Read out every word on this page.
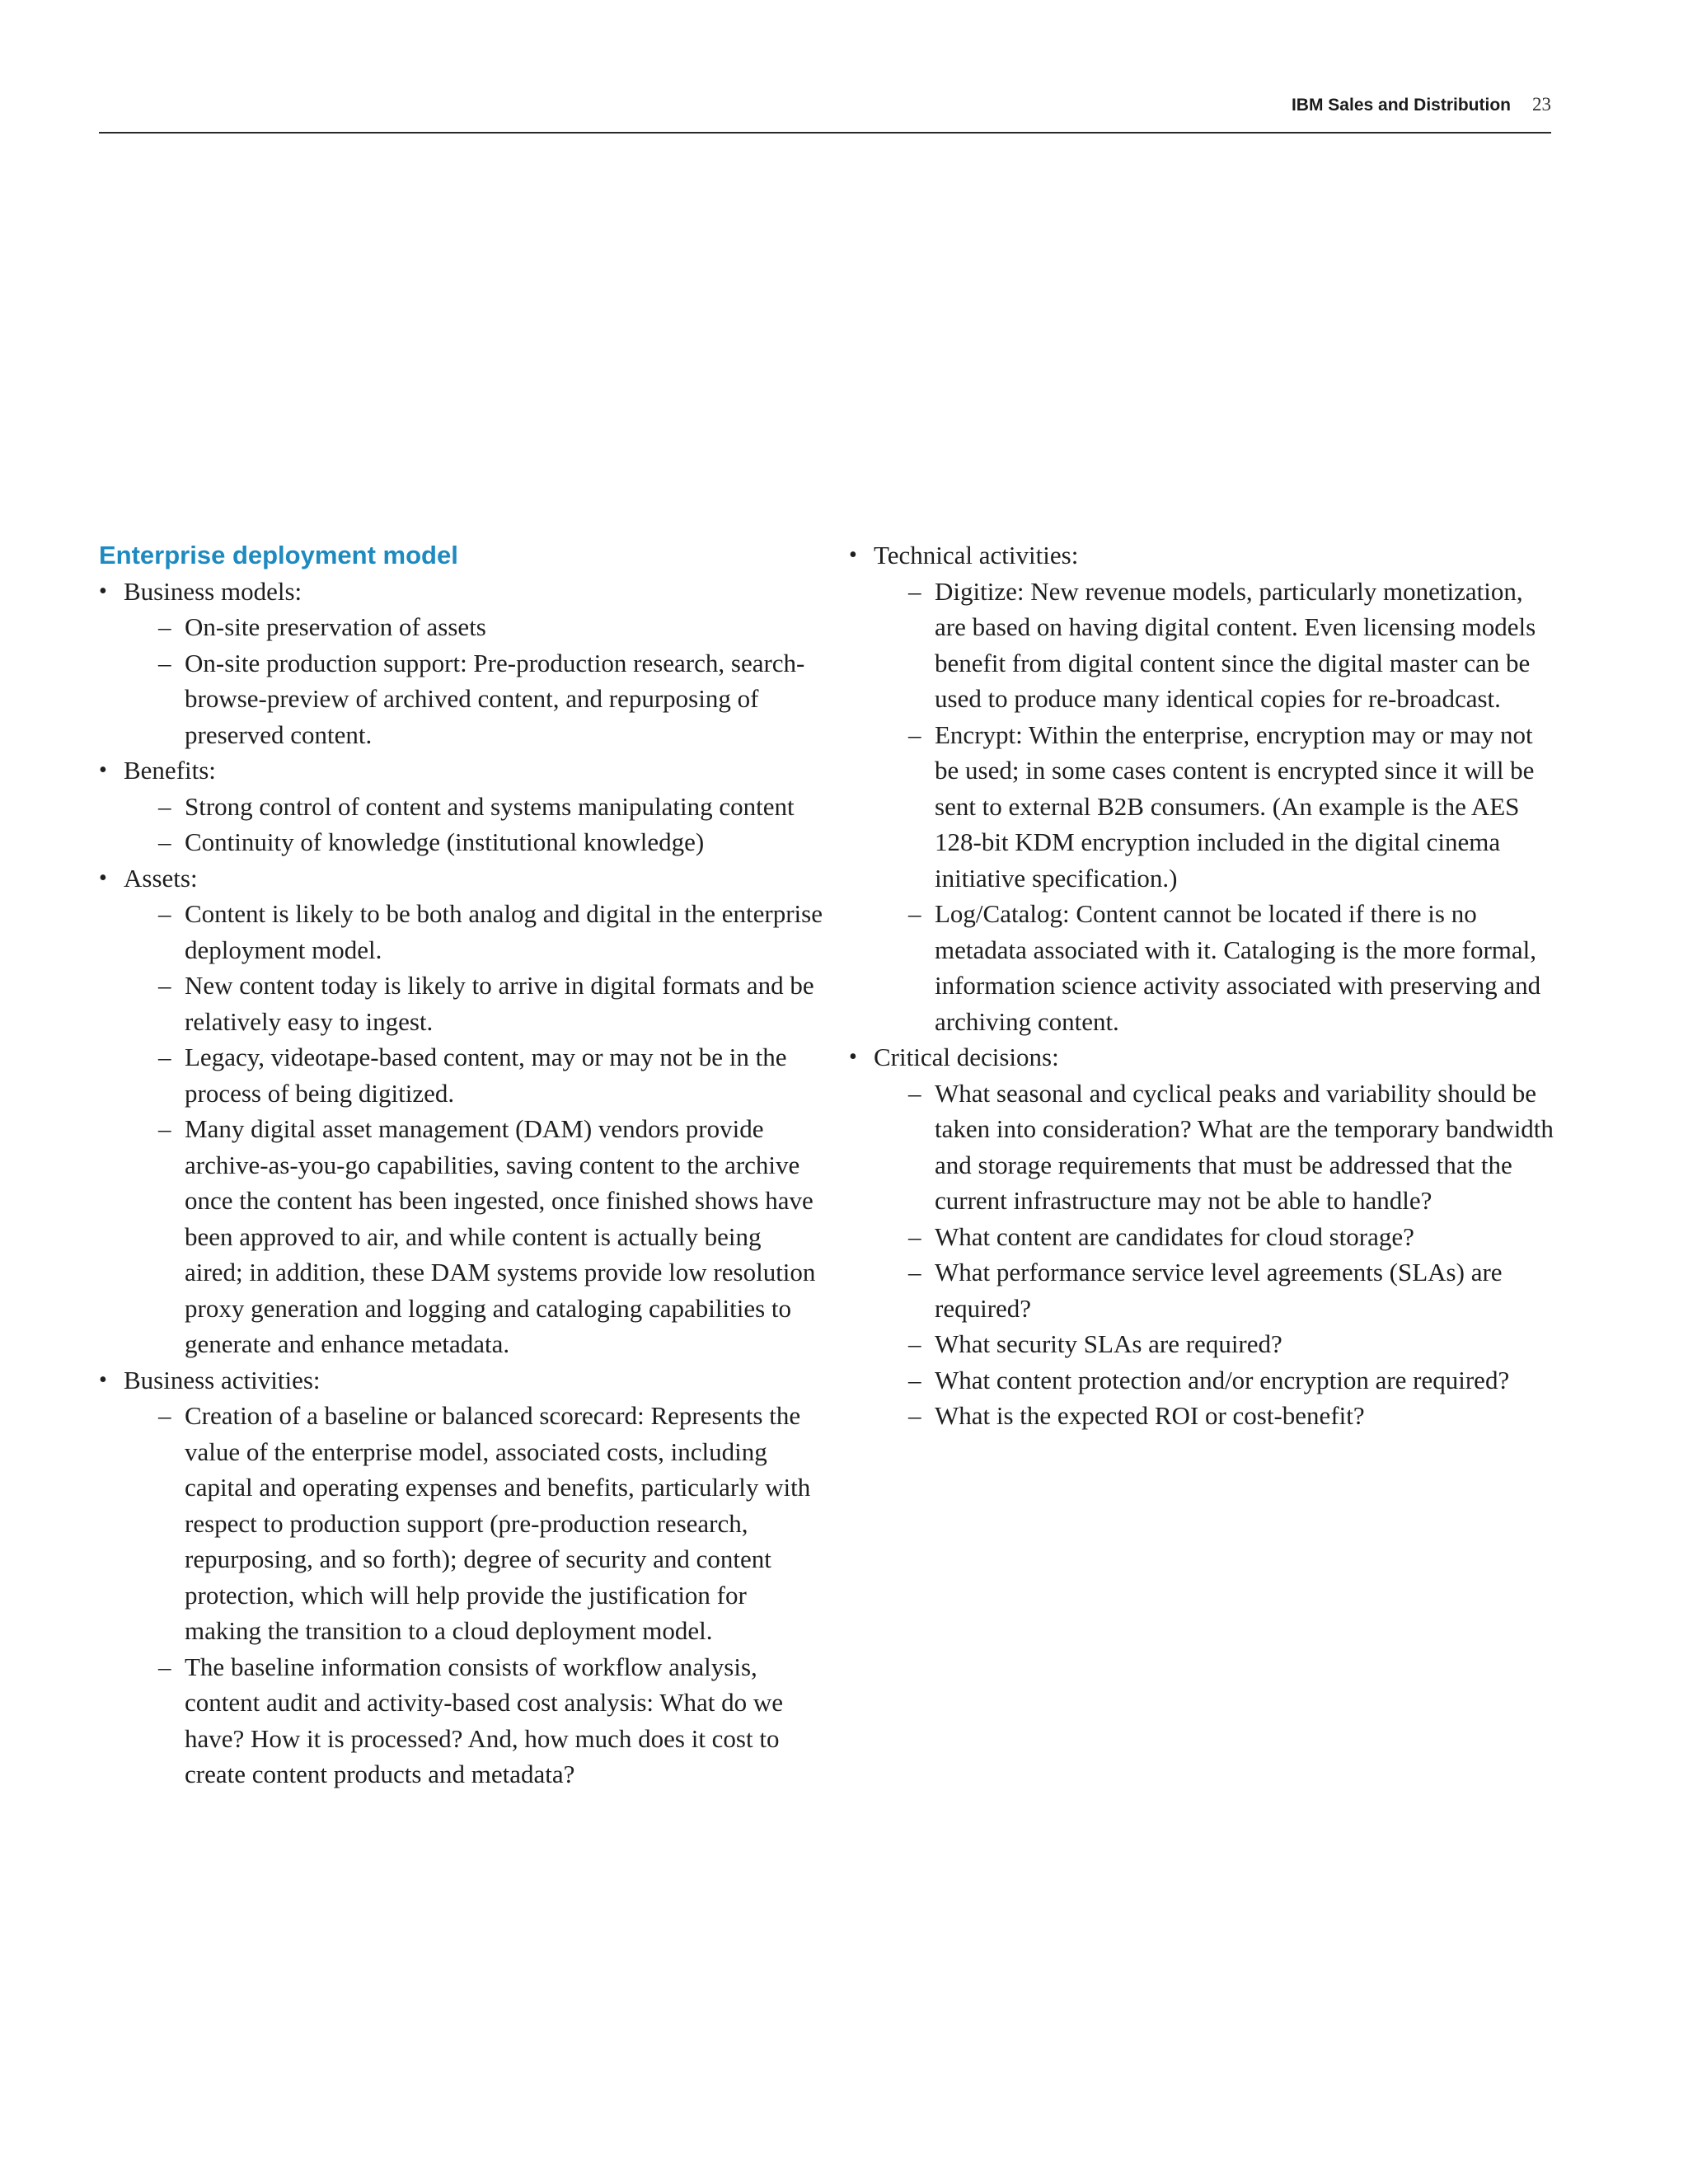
IBM Sales and Distribution 23
Enterprise deployment model
• Business models:
– On-site preservation of assets
– On-site production support: Pre-production research, search-browse-preview of archived content, and repurposing of preserved content.
• Benefits:
– Strong control of content and systems manipulating content
– Continuity of knowledge (institutional knowledge)
• Assets:
– Content is likely to be both analog and digital in the enterprise deployment model.
– New content today is likely to arrive in digital formats and be relatively easy to ingest.
– Legacy, videotape-based content, may or may not be in the process of being digitized.
– Many digital asset management (DAM) vendors provide archive-as-you-go capabilities, saving content to the archive once the content has been ingested, once finished shows have been approved to air, and while content is actually being aired; in addition, these DAM systems provide low resolution proxy generation and logging and cataloging capabilities to generate and enhance metadata.
• Business activities:
– Creation of a baseline or balanced scorecard: Represents the value of the enterprise model, associated costs, including capital and operating expenses and benefits, particularly with respect to production support (pre-production research, repurposing, and so forth); degree of security and content protection, which will help provide the justification for making the transition to a cloud deployment model.
– The baseline information consists of workflow analysis, content audit and activity-based cost analysis: What do we have? How it is processed? And, how much does it cost to create content products and metadata?
• Technical activities:
– Digitize: New revenue models, particularly monetization, are based on having digital content. Even licensing models benefit from digital content since the digital master can be used to produce many identical copies for re-broadcast.
– Encrypt: Within the enterprise, encryption may or may not be used; in some cases content is encrypted since it will be sent to external B2B consumers. (An example is the AES 128-bit KDM encryption included in the digital cinema initiative specification.)
– Log/Catalog: Content cannot be located if there is no metadata associated with it. Cataloging is the more formal, information science activity associated with preserving and archiving content.
• Critical decisions:
– What seasonal and cyclical peaks and variability should be taken into consideration? What are the temporary bandwidth and storage requirements that must be addressed that the current infrastructure may not be able to handle?
– What content are candidates for cloud storage?
– What performance service level agreements (SLAs) are required?
– What security SLAs are required?
– What content protection and/or encryption are required?
– What is the expected ROI or cost-benefit?
